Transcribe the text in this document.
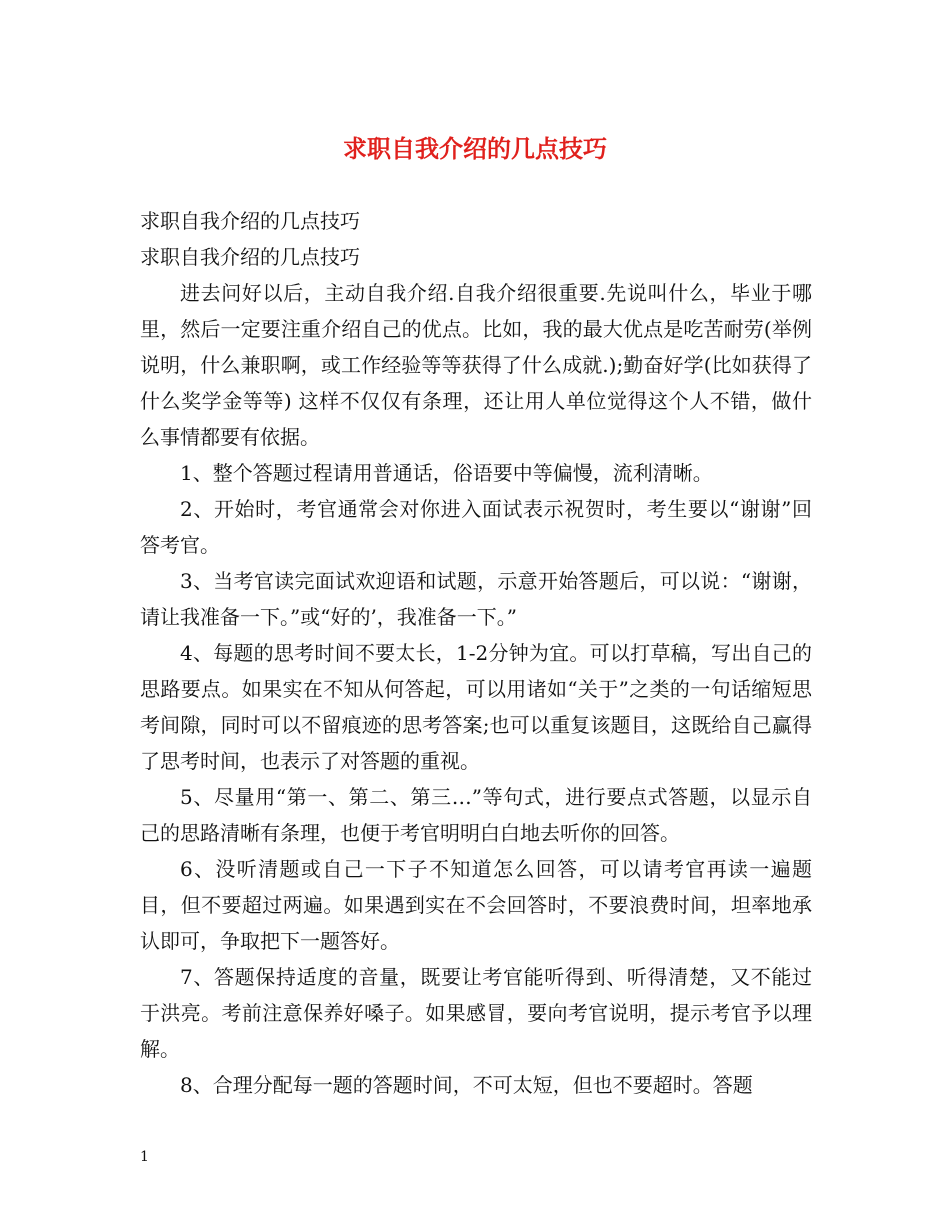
求职自我介绍的几点技巧

求职自我介绍的几点技巧

求职自我介绍的几点技巧

进去问好以后，主动自我介绍.自我介绍很重要.先说叫什么，毕业于哪里，然后一定要注重介绍自己的优点。比如，我的最大优点是吃苦耐劳(举例说明，什么兼职啊，或工作经验等等获得了什么成就.);勤奋好学(比如获得了什么奖学金等等) 这样不仅仅有条理，还让用人单位觉得这个人不错，做什么事情都要有依据。

1、整个答题过程请用普通话，俗语要中等偏慢，流利清晰。

2、开始时，考官通常会对你进入面试表示祝贺时，考生要以“谢谢”回答考官。

3、当考官读完面试欢迎语和试题，示意开始答题后，可以说：“谢谢，请让我准备一下。”或“好的’，我准备一下。”

4、每题的思考时间不要太长，1-2分钟为宜。可以打草稿，写出自己的思路要点。如果实在不知从何答起，可以用诸如“关于”之类的一句话缩短思考间隙，同时可以不留痕迹的思考答案;也可以重复该题目，这既给自己赢得了思考时间，也表示了对答题的重视。

5、尽量用“第一、第二、第三…”等句式，进行要点式答题，以显示自己的思路清晰有条理，也便于考官明明白白地去听你的回答。

6、没听清题或自己一下子不知道怎么回答，可以请考官再读一遍题目，但不要超过两遍。如果遇到实在不会回答时，不要浪费时间，坦率地承认即可，争取把下一题答好。

7、答题保持适度的音量，既要让考官能听得到、听得清楚，又不能过于洪亮。考前注意保养好嗓子。如果感冒，要向考官说明，提示考官予以理解。

8、合理分配每一题的答题时间，不可太短，但也不要超时。答题

1
